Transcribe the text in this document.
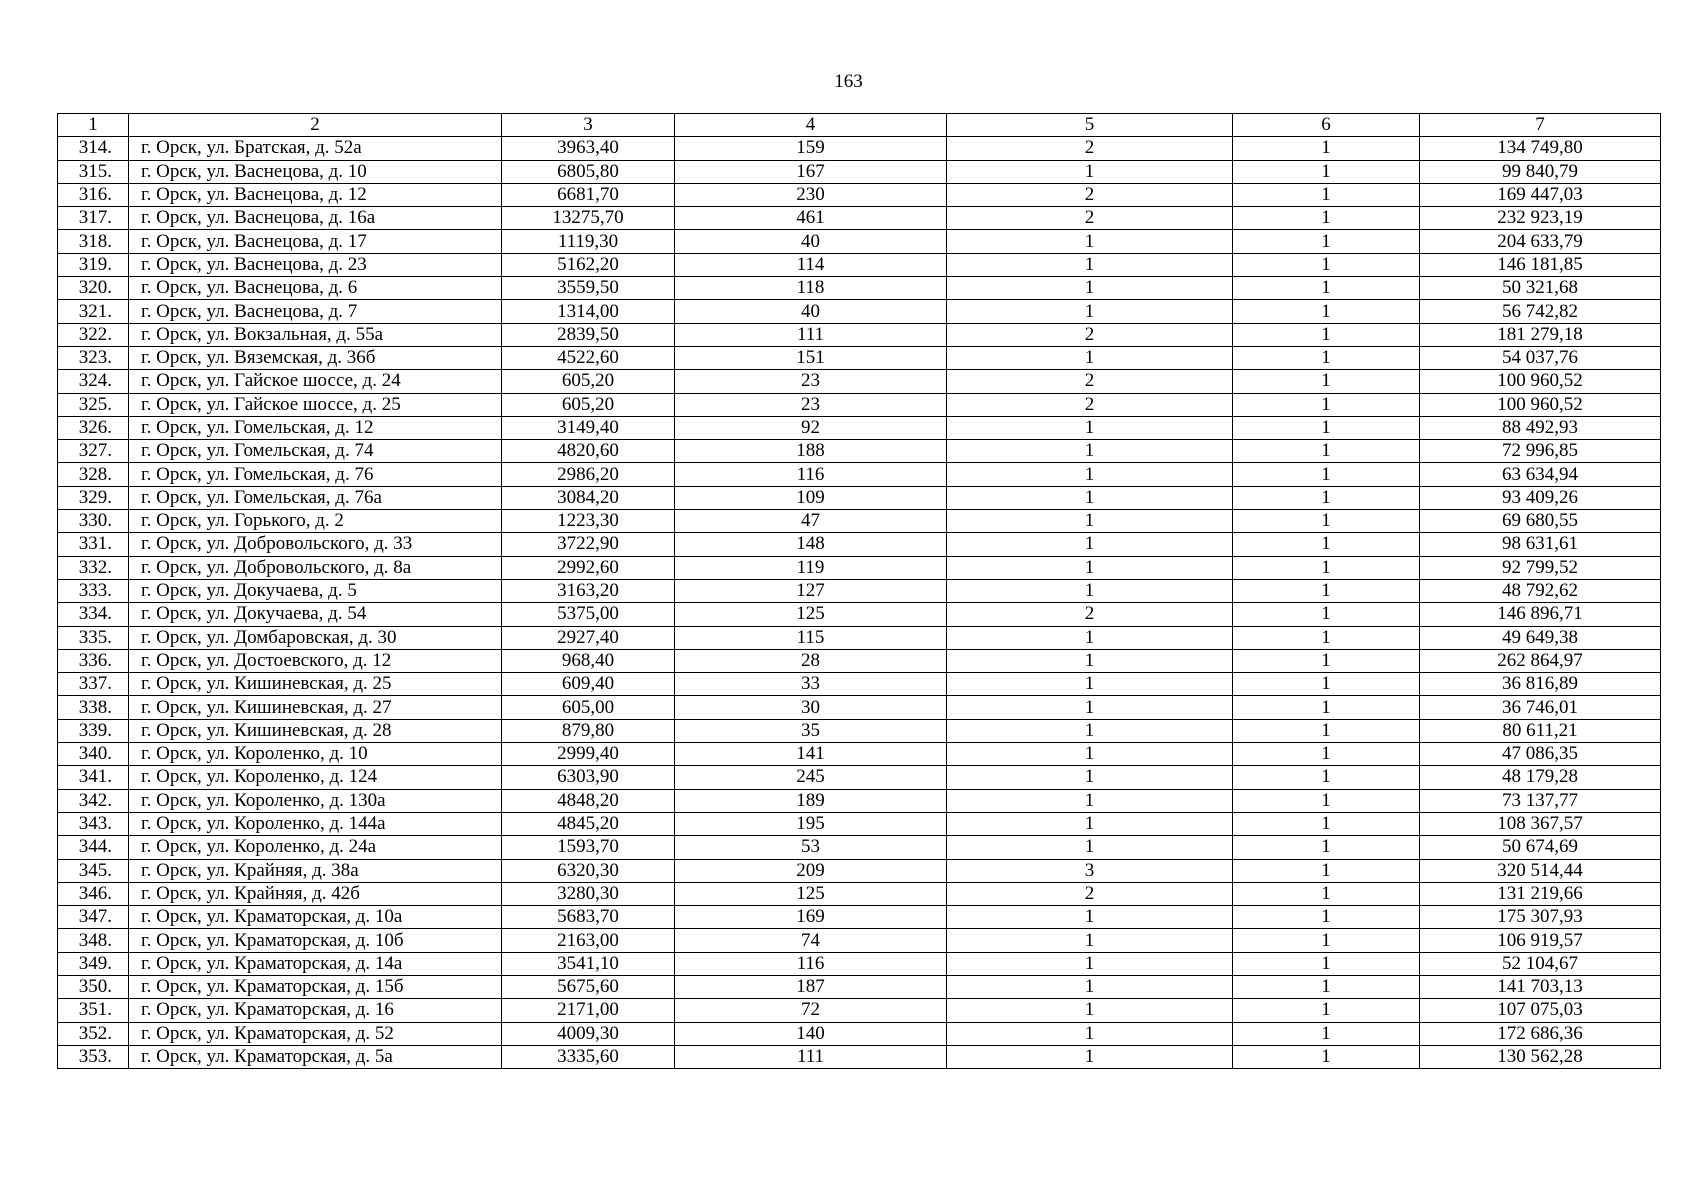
163
1	2	3	4	5	6	7
314.	г. Орск, ул. Братская, д. 52а	3963,40	159	2	1	134 749,80
315.	г. Орск, ул. Васнецова, д. 10	6805,80	167	1	1	99 840,79
316.	г. Орск, ул. Васнецова, д. 12	6681,70	230	2	1	169 447,03
317.	г. Орск, ул. Васнецова, д. 16а	13275,70	461	2	1	232 923,19
318.	г. Орск, ул. Васнецова, д. 17	1119,30	40	1	1	204 633,79
319.	г. Орск, ул. Васнецова, д. 23	5162,20	114	1	1	146 181,85
320.	г. Орск, ул. Васнецова, д. 6	3559,50	118	1	1	50 321,68
321.	г. Орск, ул. Васнецова, д. 7	1314,00	40	1	1	56 742,82
322.	г. Орск, ул. Вокзальная, д. 55а	2839,50	111	2	1	181 279,18
323.	г. Орск, ул. Вяземская, д. 36б	4522,60	151	1	1	54 037,76
324.	г. Орск, ул. Гайское шоссе, д. 24	605,20	23	2	1	100 960,52
325.	г. Орск, ул. Гайское шоссе, д. 25	605,20	23	2	1	100 960,52
326.	г. Орск, ул. Гомельская, д. 12	3149,40	92	1	1	88 492,93
327.	г. Орск, ул. Гомельская, д. 74	4820,60	188	1	1	72 996,85
328.	г. Орск, ул. Гомельская, д. 76	2986,20	116	1	1	63 634,94
329.	г. Орск, ул. Гомельская, д. 76а	3084,20	109	1	1	93 409,26
330.	г. Орск, ул. Горького, д. 2	1223,30	47	1	1	69 680,55
331.	г. Орск, ул. Добровольского, д. 33	3722,90	148	1	1	98 631,61
332.	г. Орск, ул. Добровольского, д. 8а	2992,60	119	1	1	92 799,52
333.	г. Орск, ул. Докучаева, д. 5	3163,20	127	1	1	48 792,62
334.	г. Орск, ул. Докучаева, д. 54	5375,00	125	2	1	146 896,71
335.	г. Орск, ул. Домбаровская, д. 30	2927,40	115	1	1	49 649,38
336.	г. Орск, ул. Достоевского, д. 12	968,40	28	1	1	262 864,97
337.	г. Орск, ул. Кишиневская, д. 25	609,40	33	1	1	36 816,89
338.	г. Орск, ул. Кишиневская, д. 27	605,00	30	1	1	36 746,01
339.	г. Орск, ул. Кишиневская, д. 28	879,80	35	1	1	80 611,21
340.	г. Орск, ул. Короленко, д. 10	2999,40	141	1	1	47 086,35
341.	г. Орск, ул. Короленко, д. 124	6303,90	245	1	1	48 179,28
342.	г. Орск, ул. Короленко, д. 130а	4848,20	189	1	1	73 137,77
343.	г. Орск, ул. Короленко, д. 144а	4845,20	195	1	1	108 367,57
344.	г. Орск, ул. Короленко, д. 24а	1593,70	53	1	1	50 674,69
345.	г. Орск, ул. Крайняя, д. 38а	6320,30	209	3	1	320 514,44
346.	г. Орск, ул. Крайняя, д. 42б	3280,30	125	2	1	131 219,66
347.	г. Орск, ул. Краматорская, д. 10а	5683,70	169	1	1	175 307,93
348.	г. Орск, ул. Краматорская, д. 10б	2163,00	74	1	1	106 919,57
349.	г. Орск, ул. Краматорская, д. 14а	3541,10	116	1	1	52 104,67
350.	г. Орск, ул. Краматорская, д. 15б	5675,60	187	1	1	141 703,13
351.	г. Орск, ул. Краматорская, д. 16	2171,00	72	1	1	107 075,03
352.	г. Орск, ул. Краматорская, д. 52	4009,30	140	1	1	172 686,36
353.	г. Орск, ул. Краматорская, д. 5а	3335,60	111	1	1	130 562,28
